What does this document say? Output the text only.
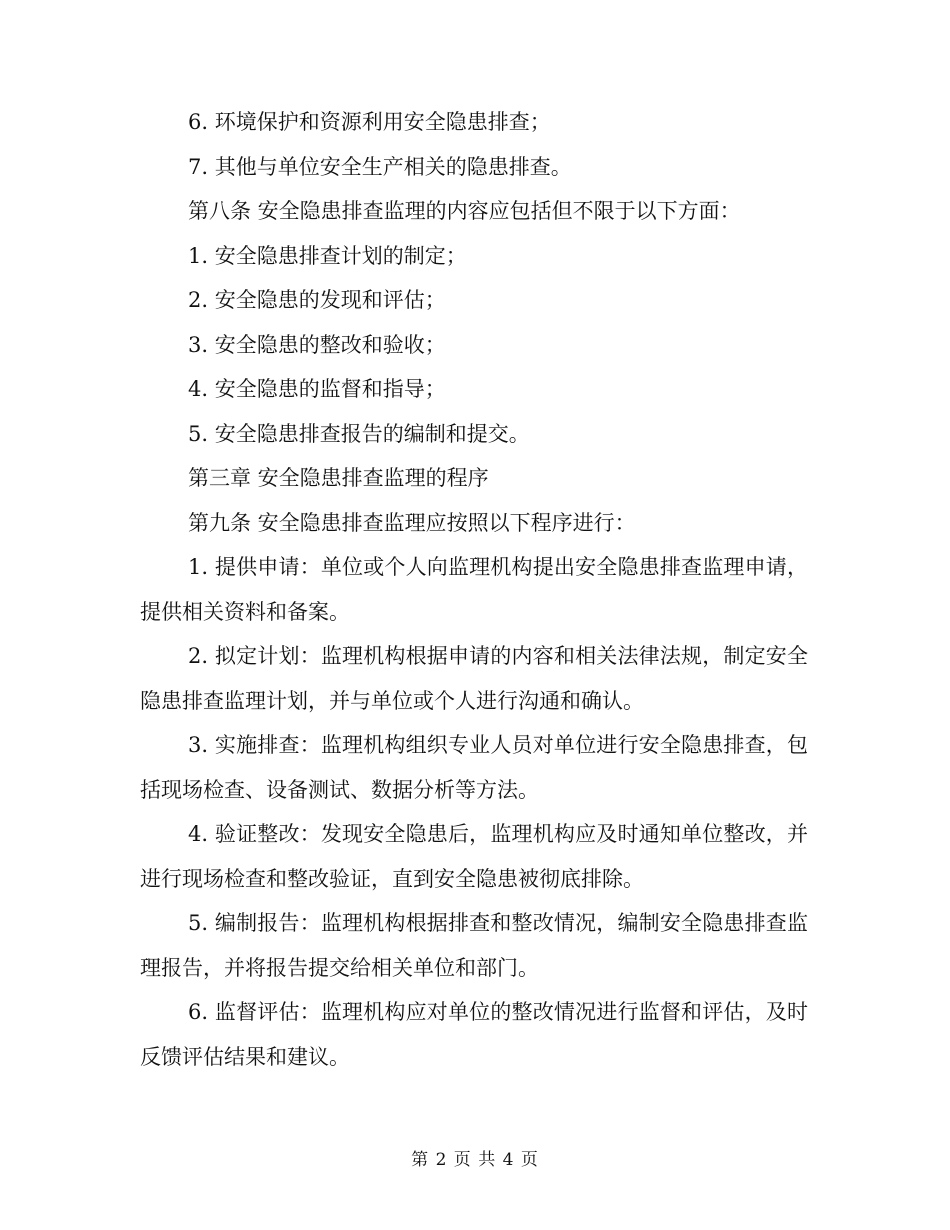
6. 环境保护和资源利用安全隐患排查；

7. 其他与单位安全生产相关的隐患排查。

第八条 安全隐患排查监理的内容应包括但不限于以下方面：

1. 安全隐患排查计划的制定；

2. 安全隐患的发现和评估；

3. 安全隐患的整改和验收；

4. 安全隐患的监督和指导；

5. 安全隐患排查报告的编制和提交。

第三章 安全隐患排查监理的程序

第九条 安全隐患排查监理应按照以下程序进行：

1. 提供申请：单位或个人向监理机构提出安全隐患排查监理申请，提供相关资料和备案。

2. 拟定计划：监理机构根据申请的内容和相关法律法规，制定安全隐患排查监理计划，并与单位或个人进行沟通和确认。

3. 实施排查：监理机构组织专业人员对单位进行安全隐患排查，包括现场检查、设备测试、数据分析等方法。

4. 验证整改：发现安全隐患后，监理机构应及时通知单位整改，并进行现场检查和整改验证，直到安全隐患被彻底排除。

5. 编制报告：监理机构根据排查和整改情况，编制安全隐患排查监理报告，并将报告提交给相关单位和部门。

6. 监督评估：监理机构应对单位的整改情况进行监督和评估，及时反馈评估结果和建议。

第 2 页 共 4 页
